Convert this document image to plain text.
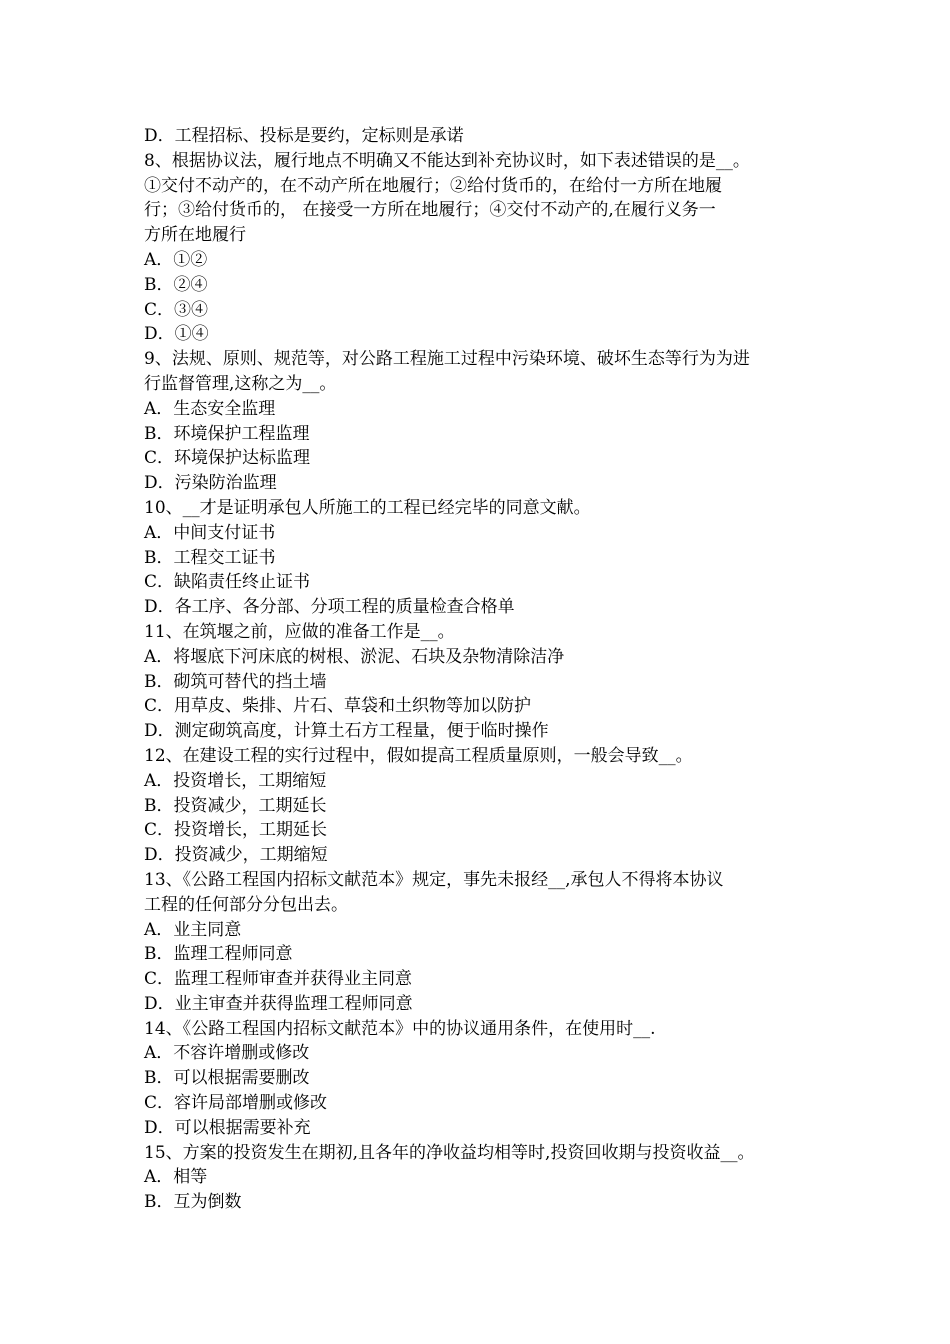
D．工程招标、投标是要约，定标则是承诺
8、根据协议法，履行地点不明确又不能达到补充协议时，如下表述错误的是__。
①交付不动产的，在不动产所在地履行；②给付货币的，在给付一方所在地履
行；③给付货币的， 在接受一方所在地履行；④交付不动产的,在履行义务一
方所在地履行
A．①②
B．②④
C．③④
D．①④
9、法规、原则、规范等，对公路工程施工过程中污染环境、破坏生态等行为为进
行监督管理,这称之为__。
A．生态安全监理
B．环境保护工程监理
C．环境保护达标监理
D．污染防治监理
10、__才是证明承包人所施工的工程已经完毕的同意文献。
A．中间支付证书
B．工程交工证书
C．缺陷责任终止证书
D．各工序、各分部、分项工程的质量检查合格单
11、在筑堰之前，应做的准备工作是__。
A．将堰底下河床底的树根、淤泥、石块及杂物清除洁净
B．砌筑可替代的挡土墙
C．用草皮、柴排、片石、草袋和土织物等加以防护
D．测定砌筑高度，计算土石方工程量，便于临时操作
12、在建设工程的实行过程中，假如提高工程质量原则，一般会导致__。
A．投资增长，工期缩短
B．投资减少，工期延长
C．投资增长，工期延长
D．投资减少，工期缩短
13、《公路工程国内招标文献范本》规定，事先未报经__,承包人不得将本协议
工程的任何部分分包出去。
A．业主同意
B．监理工程师同意
C．监理工程师审查并获得业主同意
D．业主审查并获得监理工程师同意
14、《公路工程国内招标文献范本》中的协议通用条件，在使用时__.
A．不容许增删或修改
B．可以根据需要删改
C．容许局部增删或修改
D．可以根据需要补充
15、方案的投资发生在期初,且各年的净收益均相等时,投资回收期与投资收益__。
A．相等
B．互为倒数
